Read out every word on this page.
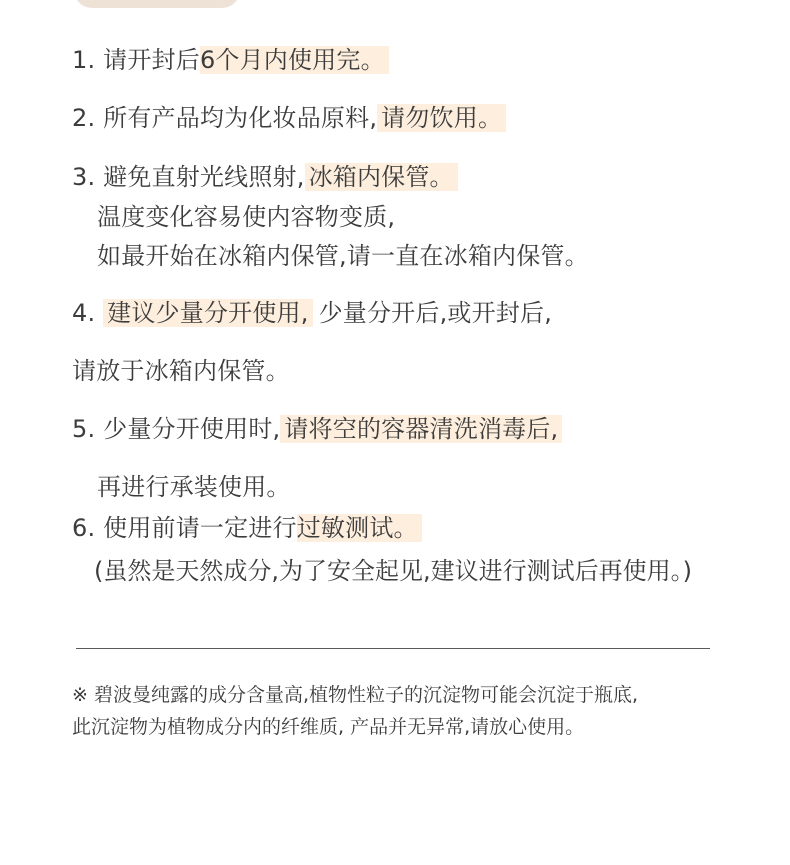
1. 请开封后6个月内使用完。
2. 所有产品均为化妆品原料, 请勿饮用。
3. 避免直射光线照射, 冰箱内保管。
温度变化容易使内容物变质,
如最开始在冰箱内保管,请一直在冰箱内保管。
4. 建议少量分开使用, 少量分开后,或开封后,
请放于冰箱内保管。
5. 少量分开使用时, 请将空的容器清洗消毒后,
再进行承装使用。
6. 使用前请一定进行过敏测试。
(虽然是天然成分,为了安全起见,建议进行测试后再使用。)
※ 碧波曼纯露的成分含量高,植物性粒子的沉淀物可能会沉淀于瓶底,
此沉淀物为植物成分内的纤维质, 产品并无异常,请放心使用。
